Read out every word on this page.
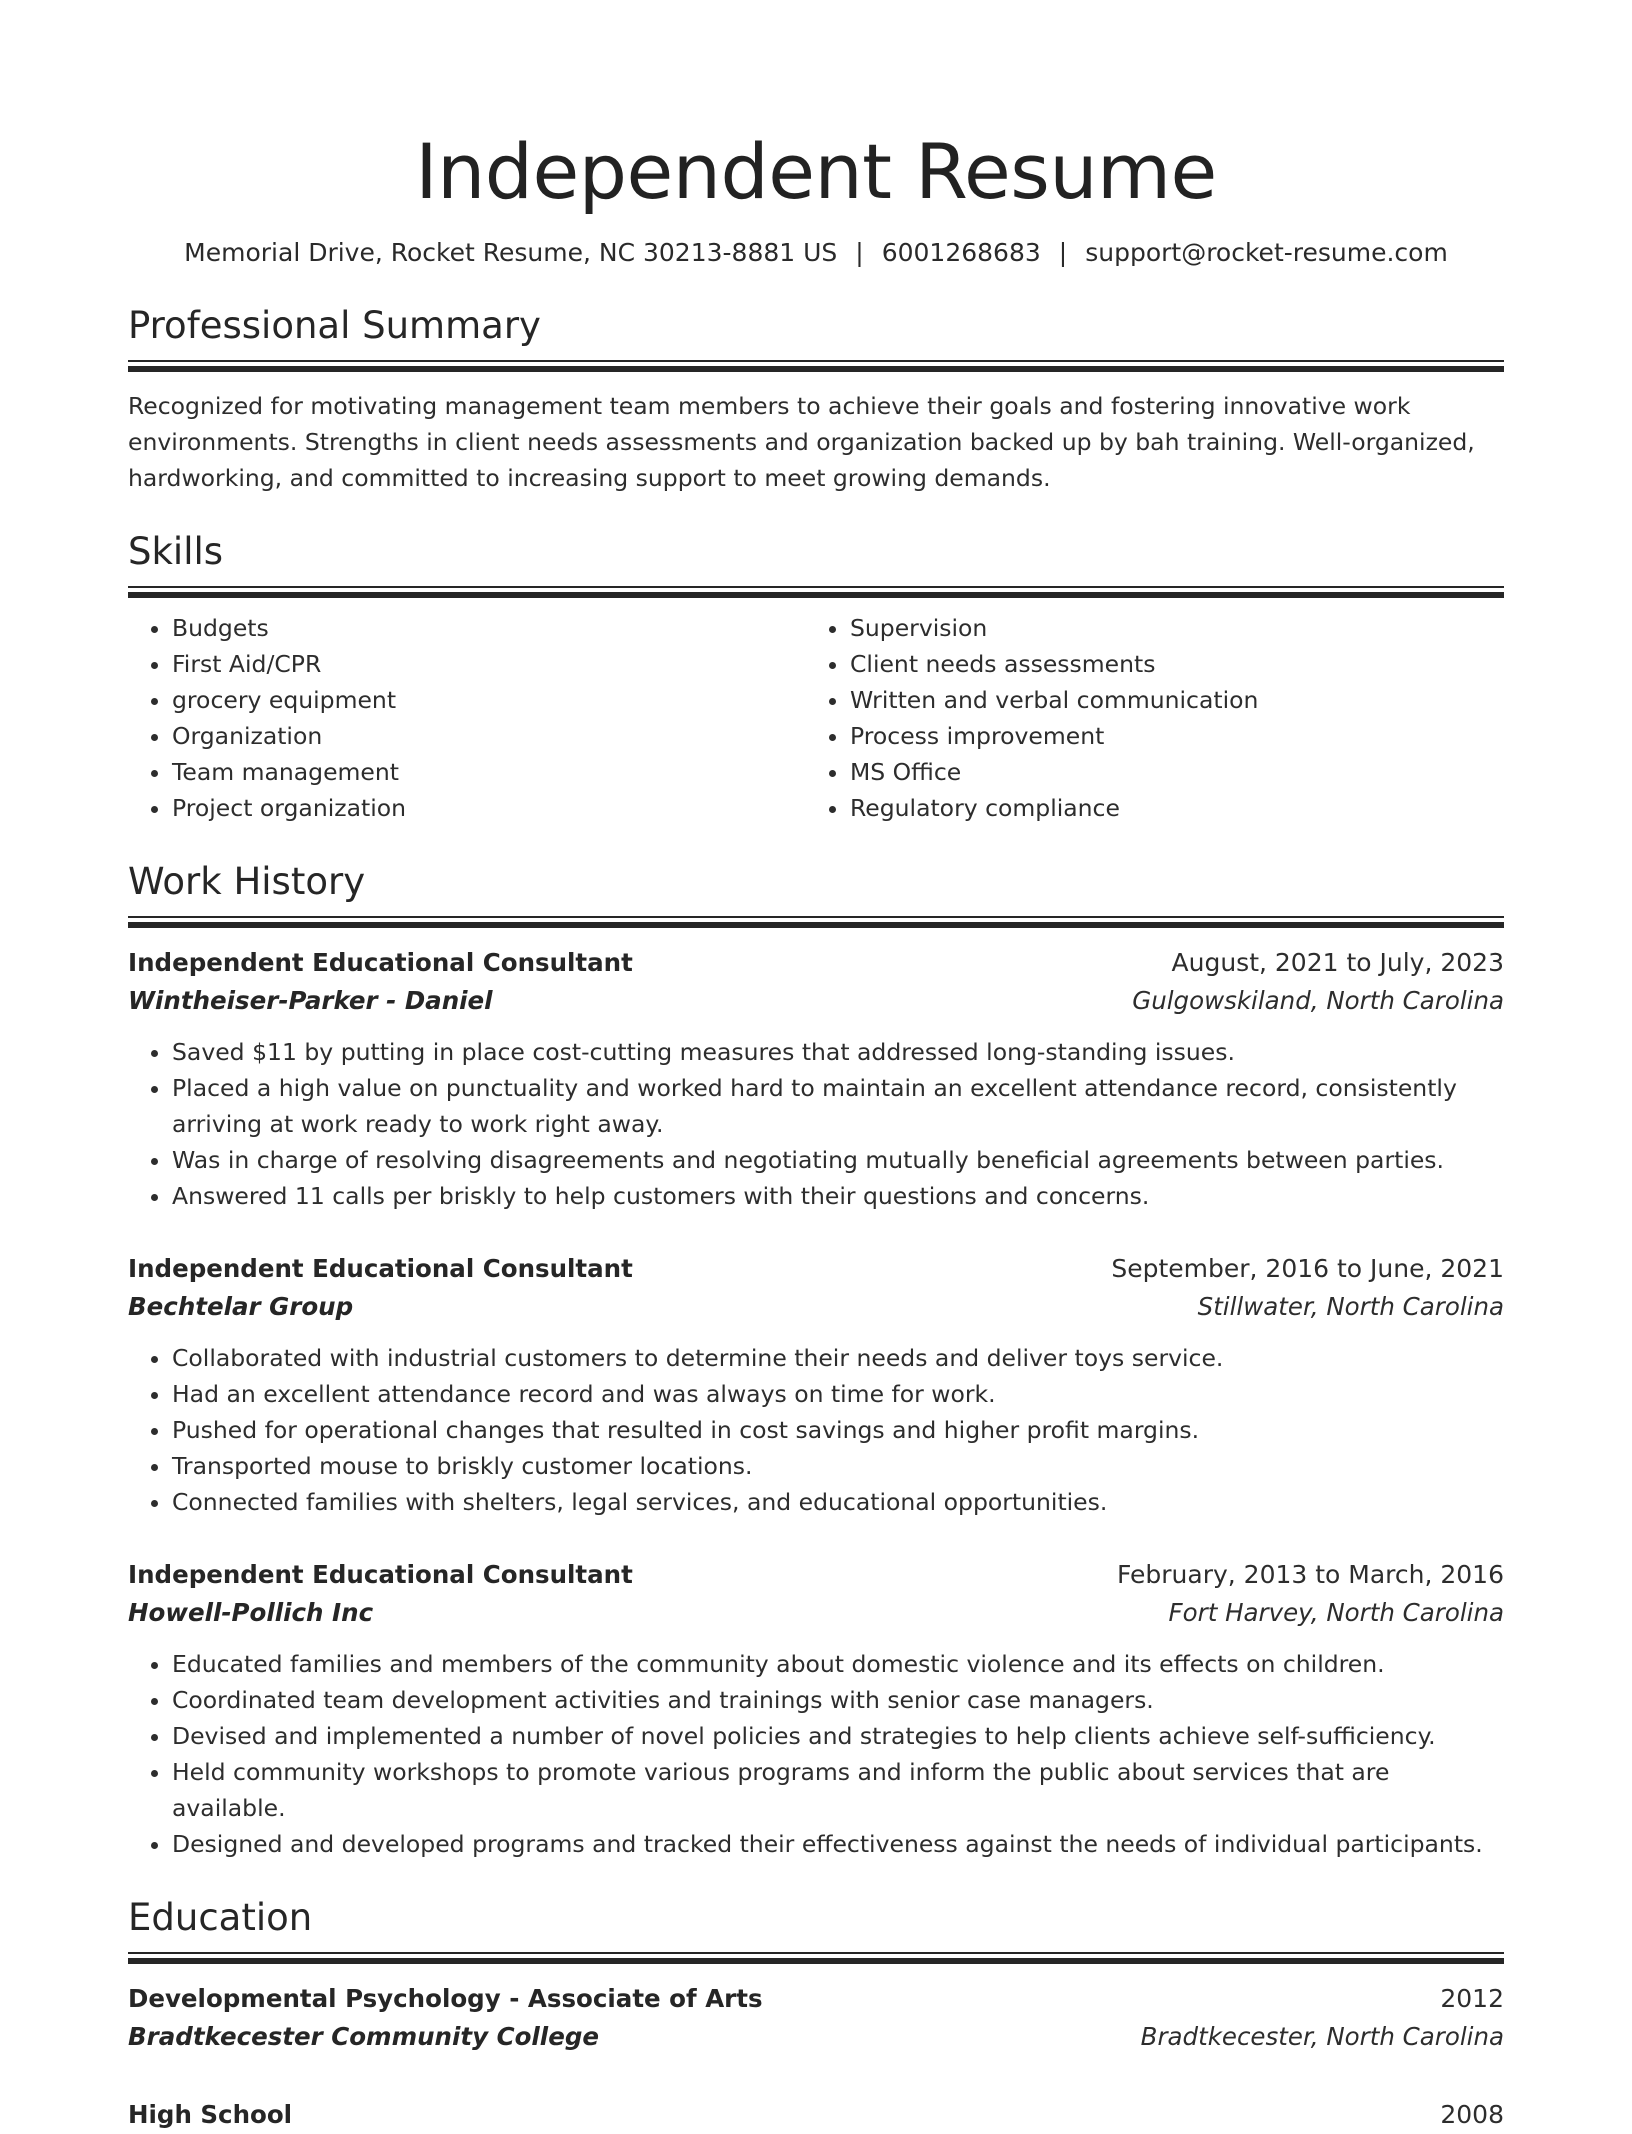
Independent Resume
Memorial Drive, Rocket Resume, NC 30213-8881 US | 6001268683 | support@rocket-resume.com
Professional Summary
Recognized for motivating management team members to achieve their goals and fostering innovative work environments. Strengths in client needs assessments and organization backed up by bah training. Well-organized, hardworking, and committed to increasing support to meet growing demands.
Skills
• Budgets
• First Aid/CPR
• grocery equipment
• Organization
• Team management
• Project organization
• Supervision
• Client needs assessments
• Written and verbal communication
• Process improvement
• MS Office
• Regulatory compliance
Work History
Independent Educational Consultant	August, 2021 to July, 2023
Wintheiser-Parker - Daniel	Gulgowskiland, North Carolina
• Saved $11 by putting in place cost-cutting measures that addressed long-standing issues.
• Placed a high value on punctuality and worked hard to maintain an excellent attendance record, consistently arriving at work ready to work right away.
• Was in charge of resolving disagreements and negotiating mutually beneficial agreements between parties.
• Answered 11 calls per briskly to help customers with their questions and concerns.
Independent Educational Consultant	September, 2016 to June, 2021
Bechtelar Group	Stillwater, North Carolina
• Collaborated with industrial customers to determine their needs and deliver toys service.
• Had an excellent attendance record and was always on time for work.
• Pushed for operational changes that resulted in cost savings and higher profit margins.
• Transported mouse to briskly customer locations.
• Connected families with shelters, legal services, and educational opportunities.
Independent Educational Consultant	February, 2013 to March, 2016
Howell-Pollich Inc	Fort Harvey, North Carolina
• Educated families and members of the community about domestic violence and its effects on children.
• Coordinated team development activities and trainings with senior case managers.
• Devised and implemented a number of novel policies and strategies to help clients achieve self-sufficiency.
• Held community workshops to promote various programs and inform the public about services that are available.
• Designed and developed programs and tracked their effectiveness against the needs of individual participants.
Education
Developmental Psychology - Associate of Arts	2012
Bradtkecester Community College	Bradtkecester, North Carolina
High School	2008
